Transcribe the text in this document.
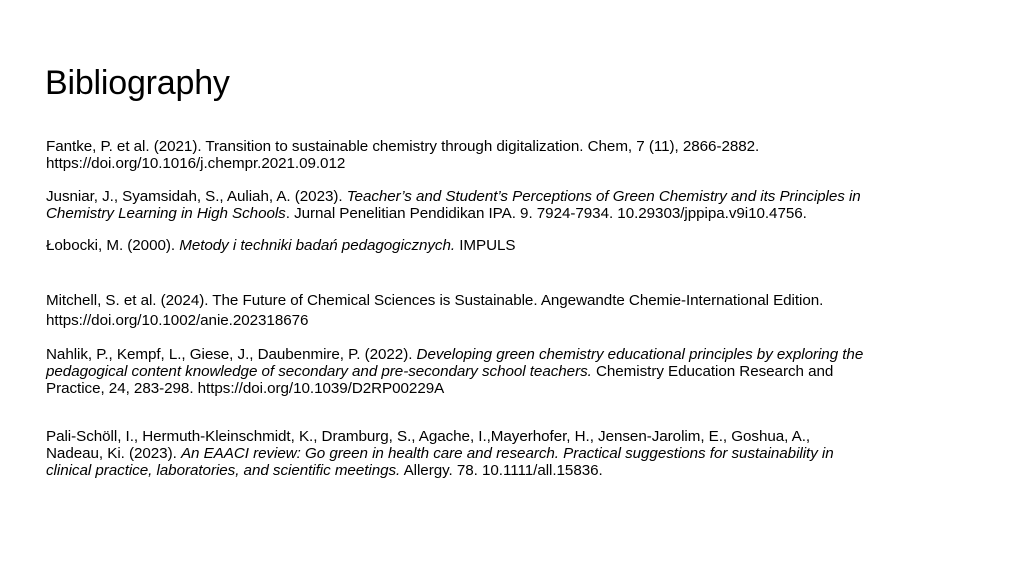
Bibliography

Fantke, P. et al. (2021). Transition to sustainable chemistry through digitalization. Chem, 7 (11), 2866-2882.
https://doi.org/10.1016/j.chempr.2021.09.012

Jusniar, J., Syamsidah, S., Auliah, A. (2023). Teacher’s and Student’s Perceptions of Green Chemistry and its Principles in
Chemistry Learning in High Schools. Jurnal Penelitian Pendidikan IPA. 9. 7924-7934. 10.29303/jppipa.v9i10.4756.

Łobocki, M. (2000). Metody i techniki badań pedagogicznych. IMPULS

Mitchell, S. et al. (2024). The Future of Chemical Sciences is Sustainable. Angewandte Chemie-International Edition.

https://doi.org/10.1002/anie.202318676

Nahlik, P., Kempf, L., Giese, J., Daubenmire, P. (2022). Developing green chemistry educational principles by exploring the
pedagogical content knowledge of secondary and pre-secondary school teachers. Chemistry Education Research and
Practice, 24, 283-298. https://doi.org/10.1039/D2RP00229A

Pali-Schöll, I., Hermuth-Kleinschmidt, K., Dramburg, S., Agache, I.,Mayerhofer, H., Jensen-Jarolim, E., Goshua, A.,
Nadeau, Ki. (2023). An EAACI review: Go green in health care and research. Practical suggestions for sustainability in
clinical practice, laboratories, and scientific meetings. Allergy. 78. 10.1111/all.15836.
